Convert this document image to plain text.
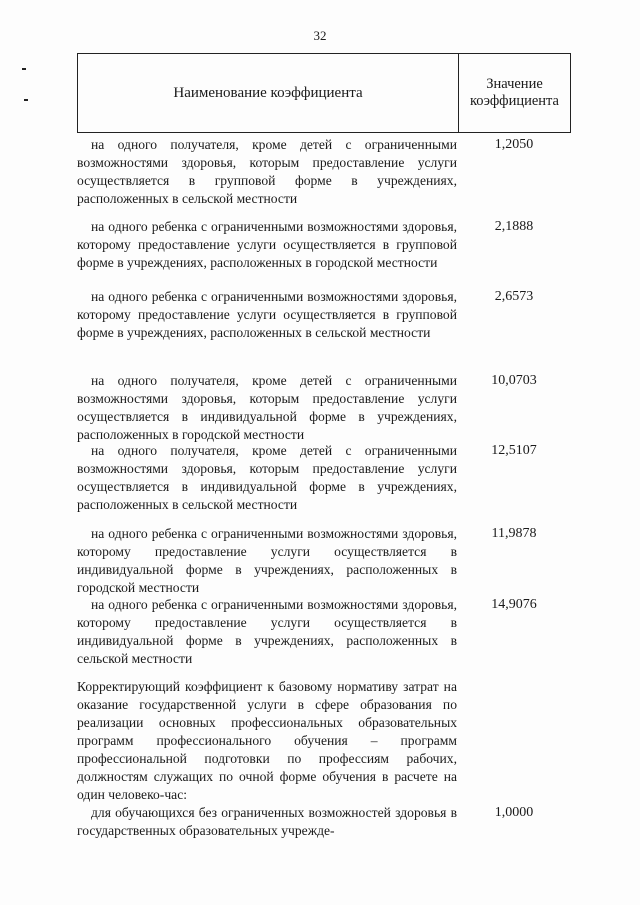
32
Наименование коэффициента
Значение коэффициента
на одного получателя, кроме детей с ограниченными возможностями здоровья, которым предоставление услуги осуществляется в групповой форме в учреждениях, расположенных в сельской местности
1,2050
на одного ребенка с ограниченными возможностями здоровья, которому предоставление услуги осуществляется в групповой форме в учреждениях, расположенных в городской местности
2,1888
на одного ребенка с ограниченными возможностями здоровья, которому предоставление услуги осуществляется в групповой форме в учреждениях, расположенных в сельской местности
2,6573
на одного получателя, кроме детей с ограниченными возможностями здоровья, которым предоставление услуги осуществляется в индивидуальной форме в учреждениях, расположенных в городской местности
10,0703
на одного получателя, кроме детей с ограниченными возможностями здоровья, которым предоставление услуги осуществляется в индивидуальной форме в учреждениях, расположенных в сельской местности
12,5107
на одного ребенка с ограниченными возможностями здоровья, которому предоставление услуги осуществляется в индивидуальной форме в учреждениях, расположенных в городской местности
11,9878
на одного ребенка с ограниченными возможностями здоровья, которому предоставление услуги осуществляется в индивидуальной форме в учреждениях, расположенных в сельской местности
14,9076
Корректирующий коэффициент к базовому нормативу затрат на оказание государственной услуги в сфере образования по реализации основных профессиональных образовательных программ профессионального обучения – программ профессиональной подготовки по профессиям рабочих, должностям служащих по очной форме обучения в расчете на один человеко-час:
для обучающихся без ограниченных возможностей здоровья в государственных образовательных учрежде-
1,0000
